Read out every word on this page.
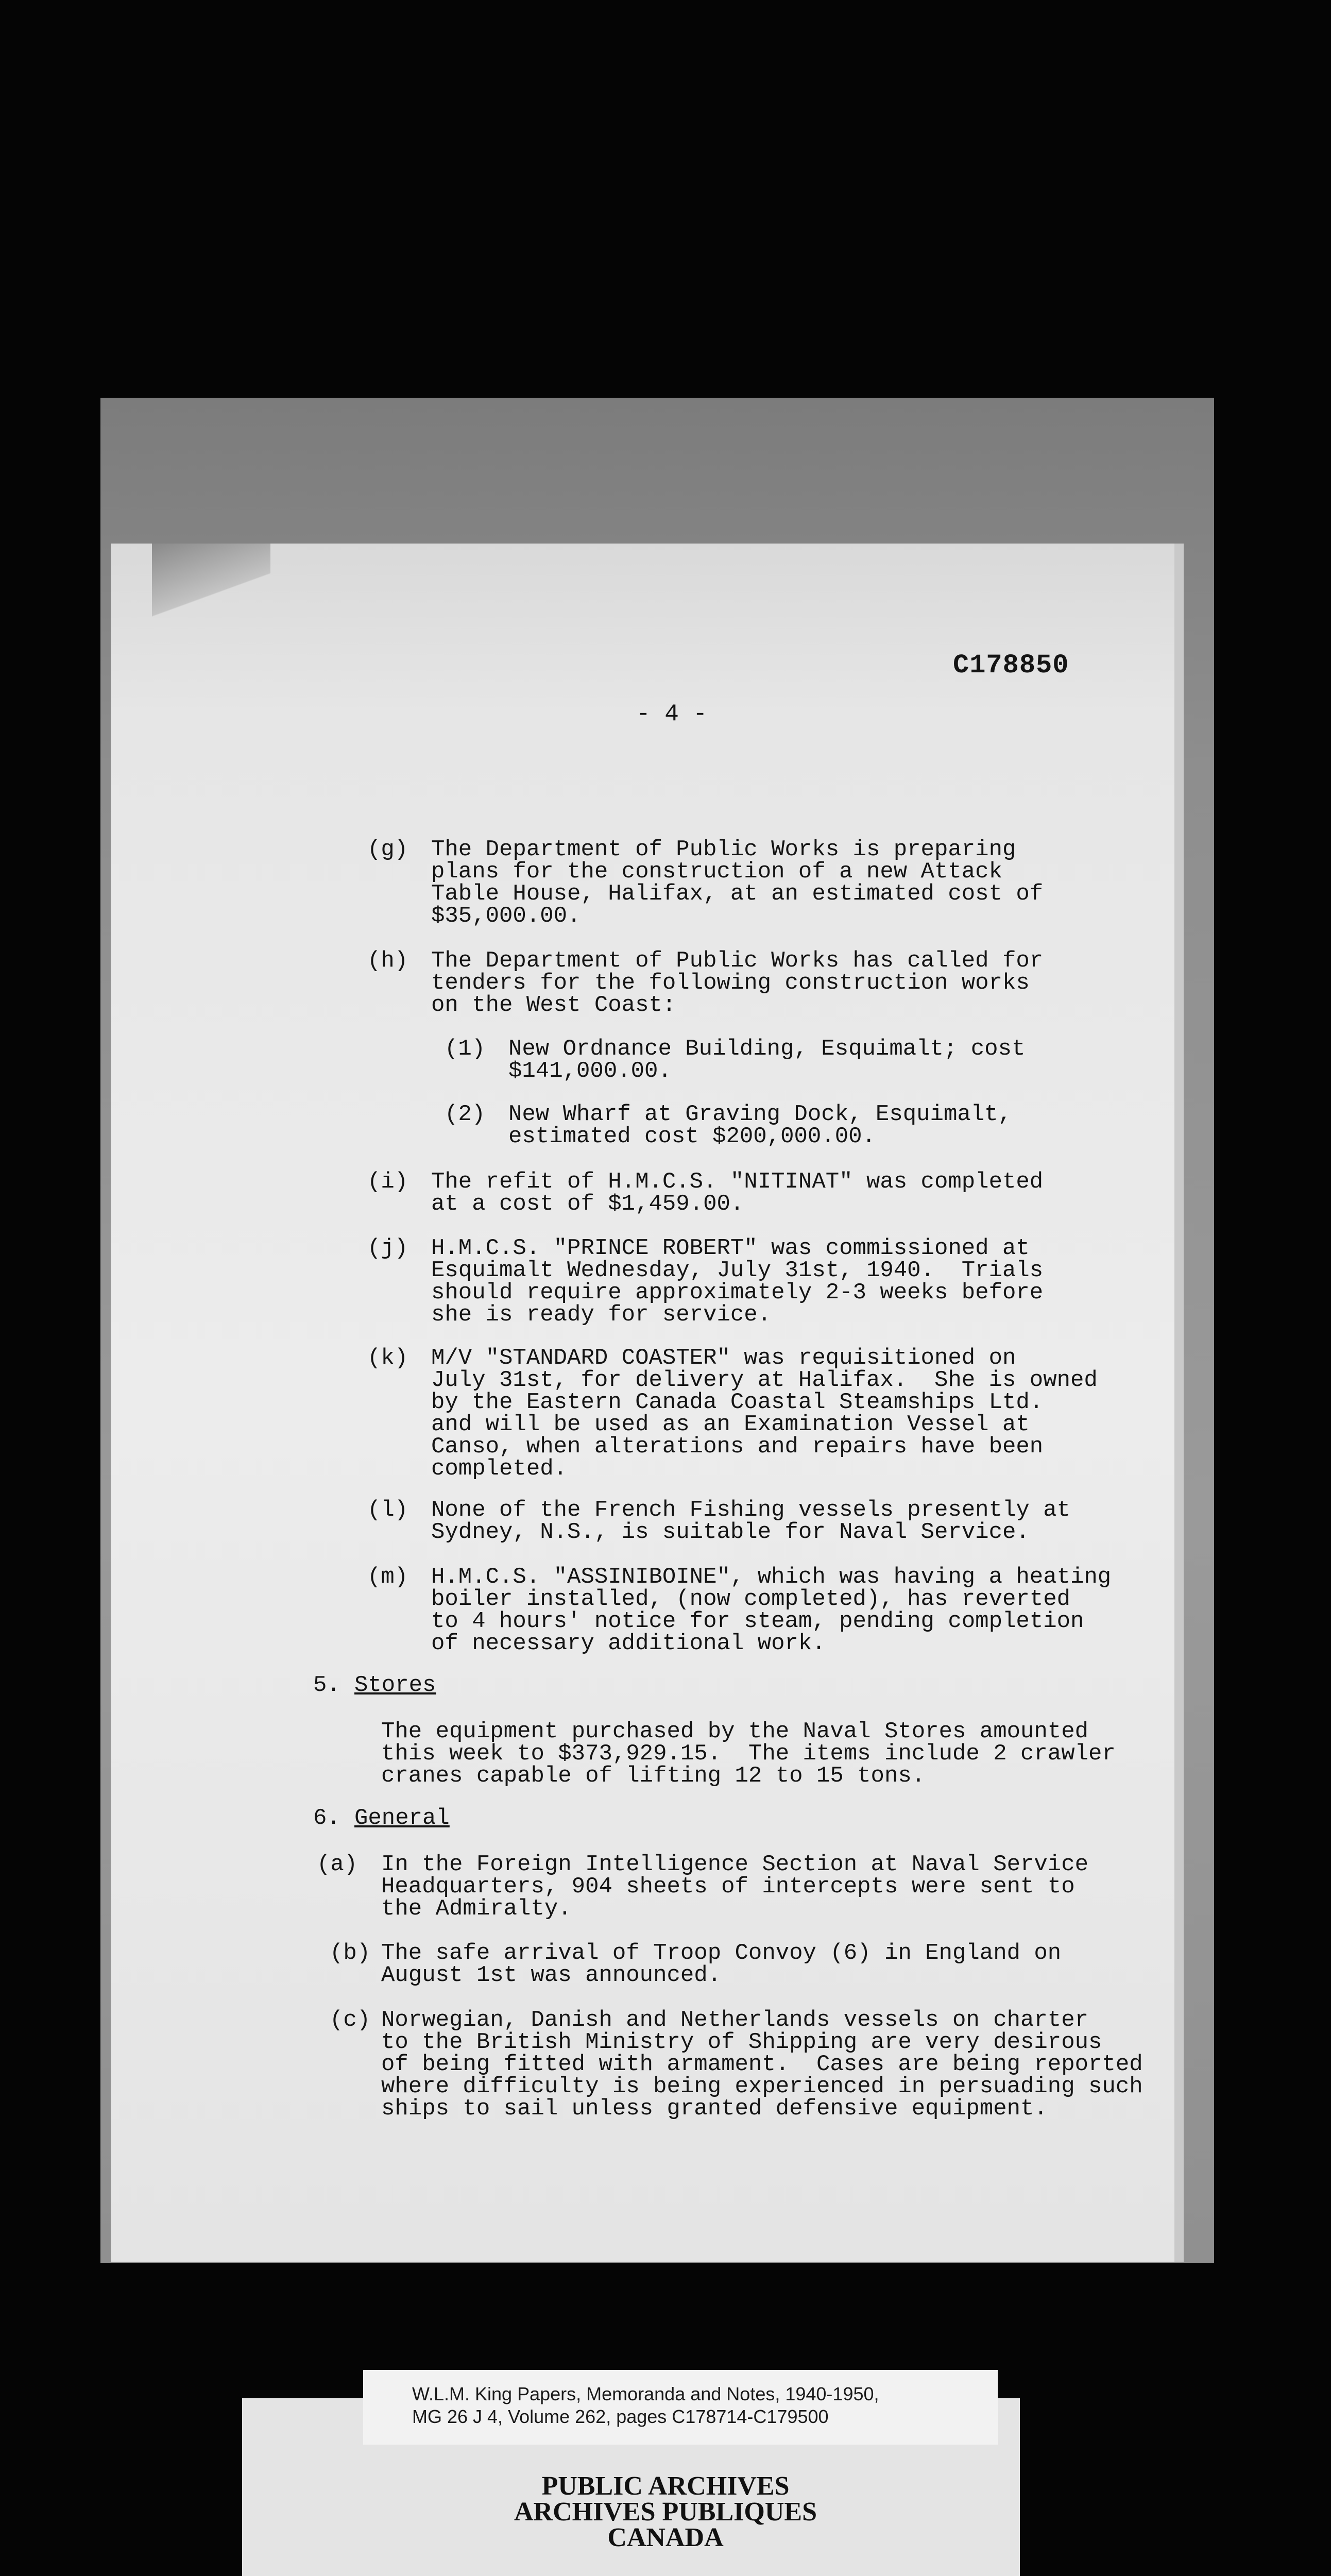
C178850
- 4 -
(g) The Department of Public Works is preparing
plans for the construction of a new Attack
Table House, Halifax, at an estimated cost of
$35,000.00.
(h) The Department of Public Works has called for
tenders for the following construction works
on the West Coast:
(1) New Ordnance Building, Esquimalt; cost
$141,000.00.
(2) New Wharf at Graving Dock, Esquimalt,
estimated cost $200,000.00.
(i) The refit of H.M.C.S. "NITINAT" was completed
at a cost of $1,459.00.
(j) H.M.C.S. "PRINCE ROBERT" was commissioned at
Esquimalt Wednesday, July 31st, 1940.  Trials
should require approximately 2-3 weeks before
she is ready for service.
(k) M/V "STANDARD COASTER" was requisitioned on
July 31st, for delivery at Halifax.  She is owned
by the Eastern Canada Coastal Steamships Ltd.
and will be used as an Examination Vessel at
Canso, when alterations and repairs have been
completed.
(l) None of the French Fishing vessels presently at
Sydney, N.S., is suitable for Naval Service.
(m) H.M.C.S. "ASSINIBOINE", which was having a heating
boiler installed, (now completed), has reverted
to 4 hours' notice for steam, pending completion
of necessary additional work.
5. Stores
The equipment purchased by the Naval Stores amounted
this week to $373,929.15.  The items include 2 crawler
cranes capable of lifting 12 to 15 tons.
6. General
(a) In the Foreign Intelligence Section at Naval Service
Headquarters, 904 sheets of intercepts were sent to
the Admiralty.
(b) The safe arrival of Troop Convoy (6) in England on
August 1st was announced.
(c) Norwegian, Danish and Netherlands vessels on charter
to the British Ministry of Shipping are very desirous
of being fitted with armament.  Cases are being reported
where difficulty is being experienced in persuading such
ships to sail unless granted defensive equipment.
W.L.M. King Papers, Memoranda and Notes, 1940-1950,
MG 26 J 4, Volume 262, pages C178714-C179500
PUBLIC ARCHIVES
ARCHIVES PUBLIQUES
CANADA
